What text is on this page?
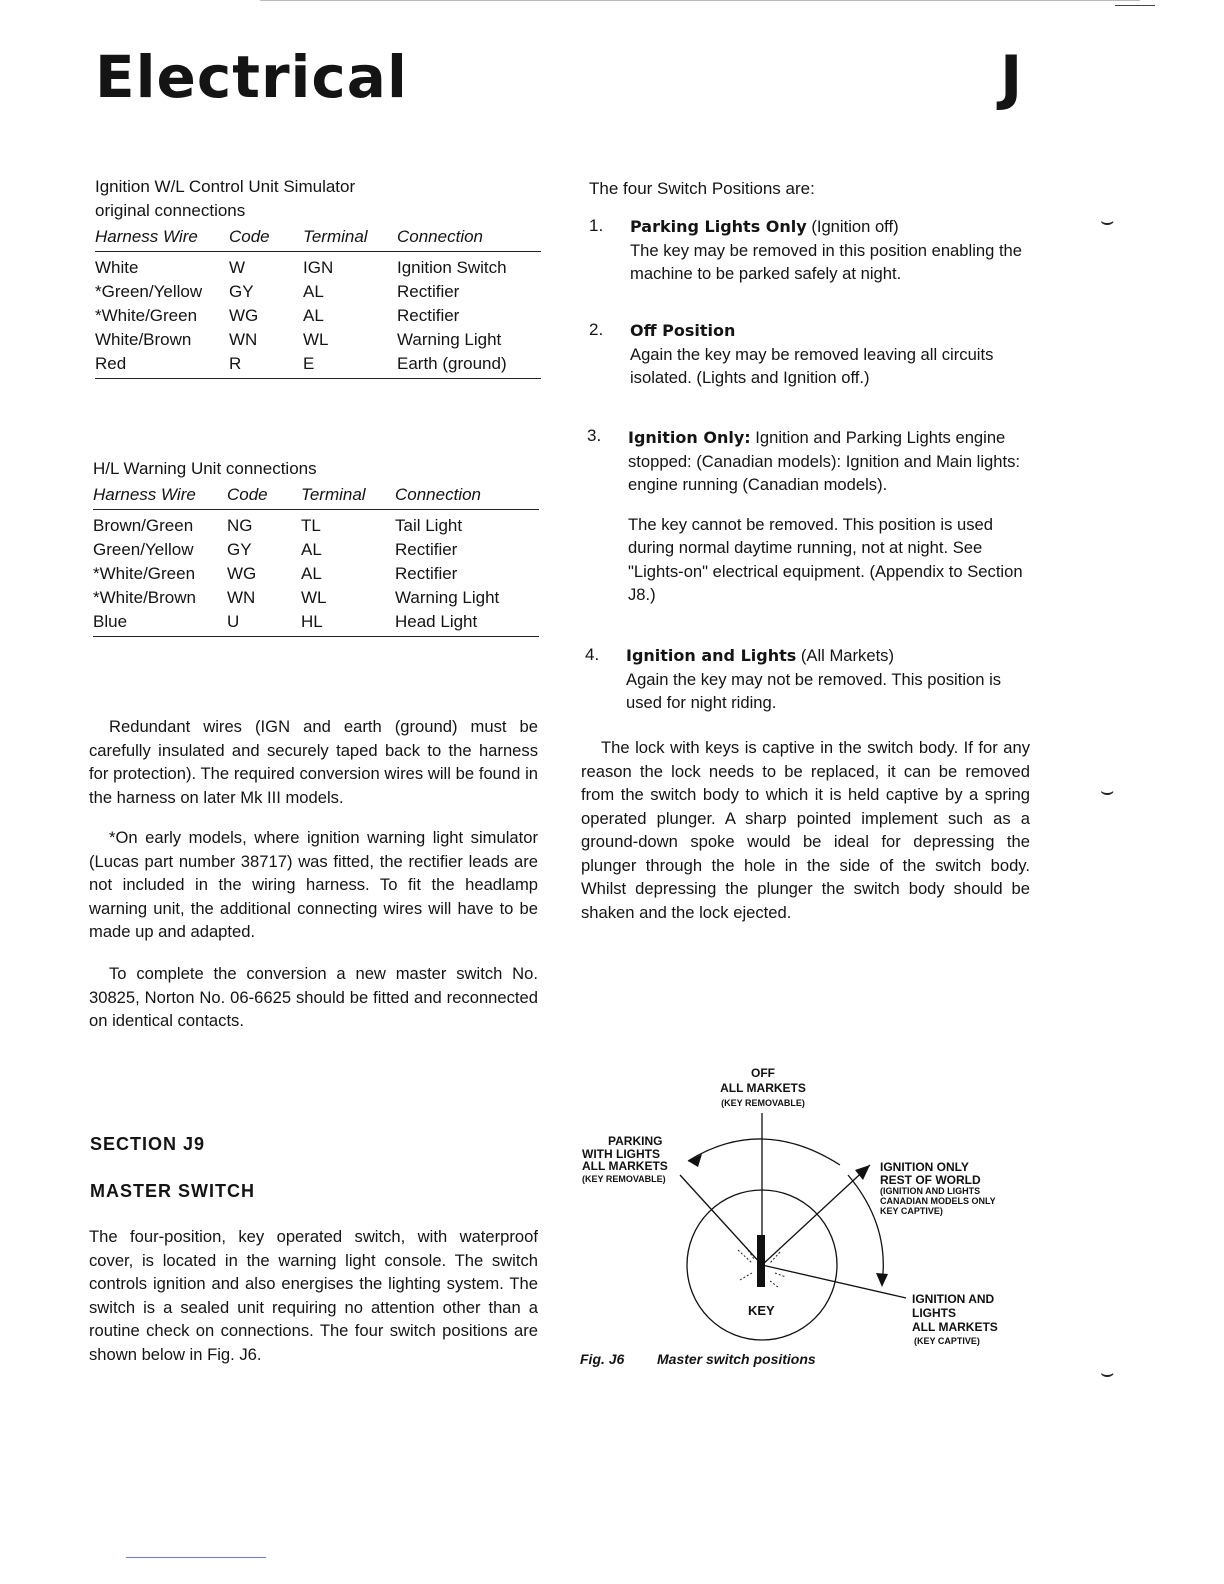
Electrical	J
Ignition W/L Control Unit Simulator
original connections
Harness Wire	Code	Terminal	Connection
White	W	IGN	Ignition Switch
*Green/Yellow	GY	AL	Rectifier
*White/Green	WG	AL	Rectifier
White/Brown	WN	WL	Warning Light
Red	R	E	Earth (ground)

H/L Warning Unit connections
Harness Wire	Code	Terminal	Connection
Brown/Green	NG	TL	Tail Light
Green/Yellow	GY	AL	Rectifier
*White/Green	WG	AL	Rectifier
*White/Brown	WN	WL	Warning Light
Blue	U	HL	Head Light

Redundant wires (IGN and earth (ground) must be carefully insulated and securely taped back to the harness for protection). The required conversion wires will be found in the harness on later Mk III models.

*On early models, where ignition warning light simulator (Lucas part number 38717) was fitted, the rectifier leads are not included in the wiring harness. To fit the headlamp warning unit, the additional connecting wires will have to be made up and adapted.

To complete the conversion a new master switch No. 30825, Norton No. 06-6625 should be fitted and reconnected on identical contacts.

SECTION J9
MASTER SWITCH

The four-position, key operated switch, with waterproof cover, is located in the warning light console. The switch controls ignition and also energises the lighting system. The switch is a sealed unit requiring no attention other than a routine check on connections. The four switch positions are shown below in Fig. J6.

The four Switch Positions are:
1. Parking Lights Only (Ignition off)
The key may be removed in this position enabling the machine to be parked safely at night.
2. Off Position
Again the key may be removed leaving all circuits isolated. (Lights and Ignition off.)
3. Ignition Only: Ignition and Parking Lights engine stopped: (Canadian models): Ignition and Main lights: engine running (Canadian models).
The key cannot be removed. This position is used during normal daytime running, not at night. See "Lights-on" electrical equipment. (Appendix to Section J8.)
4. Ignition and Lights (All Markets)
Again the key may not be removed. This position is used for night riding.

The lock with keys is captive in the switch body. If for any reason the lock needs to be replaced, it can be removed from the switch body to which it is held captive by a spring operated plunger. A sharp pointed implement such as a ground-down spoke would be ideal for depressing the plunger through the hole in the side of the switch body. Whilst depressing the plunger the switch body should be shaken and the lock ejected.

OFF
ALL MARKETS
(KEY REMOVABLE)
PARKING
WITH LIGHTS
ALL MARKETS
(KEY REMOVABLE)
IGNITION ONLY
REST OF WORLD
(IGNITION AND LIGHTS
CANADIAN MODELS ONLY
KEY CAPTIVE)
IGNITION AND
LIGHTS
ALL MARKETS
(KEY CAPTIVE)
KEY
Fig. J6 Master switch positions
⌣
⌣
⌣
